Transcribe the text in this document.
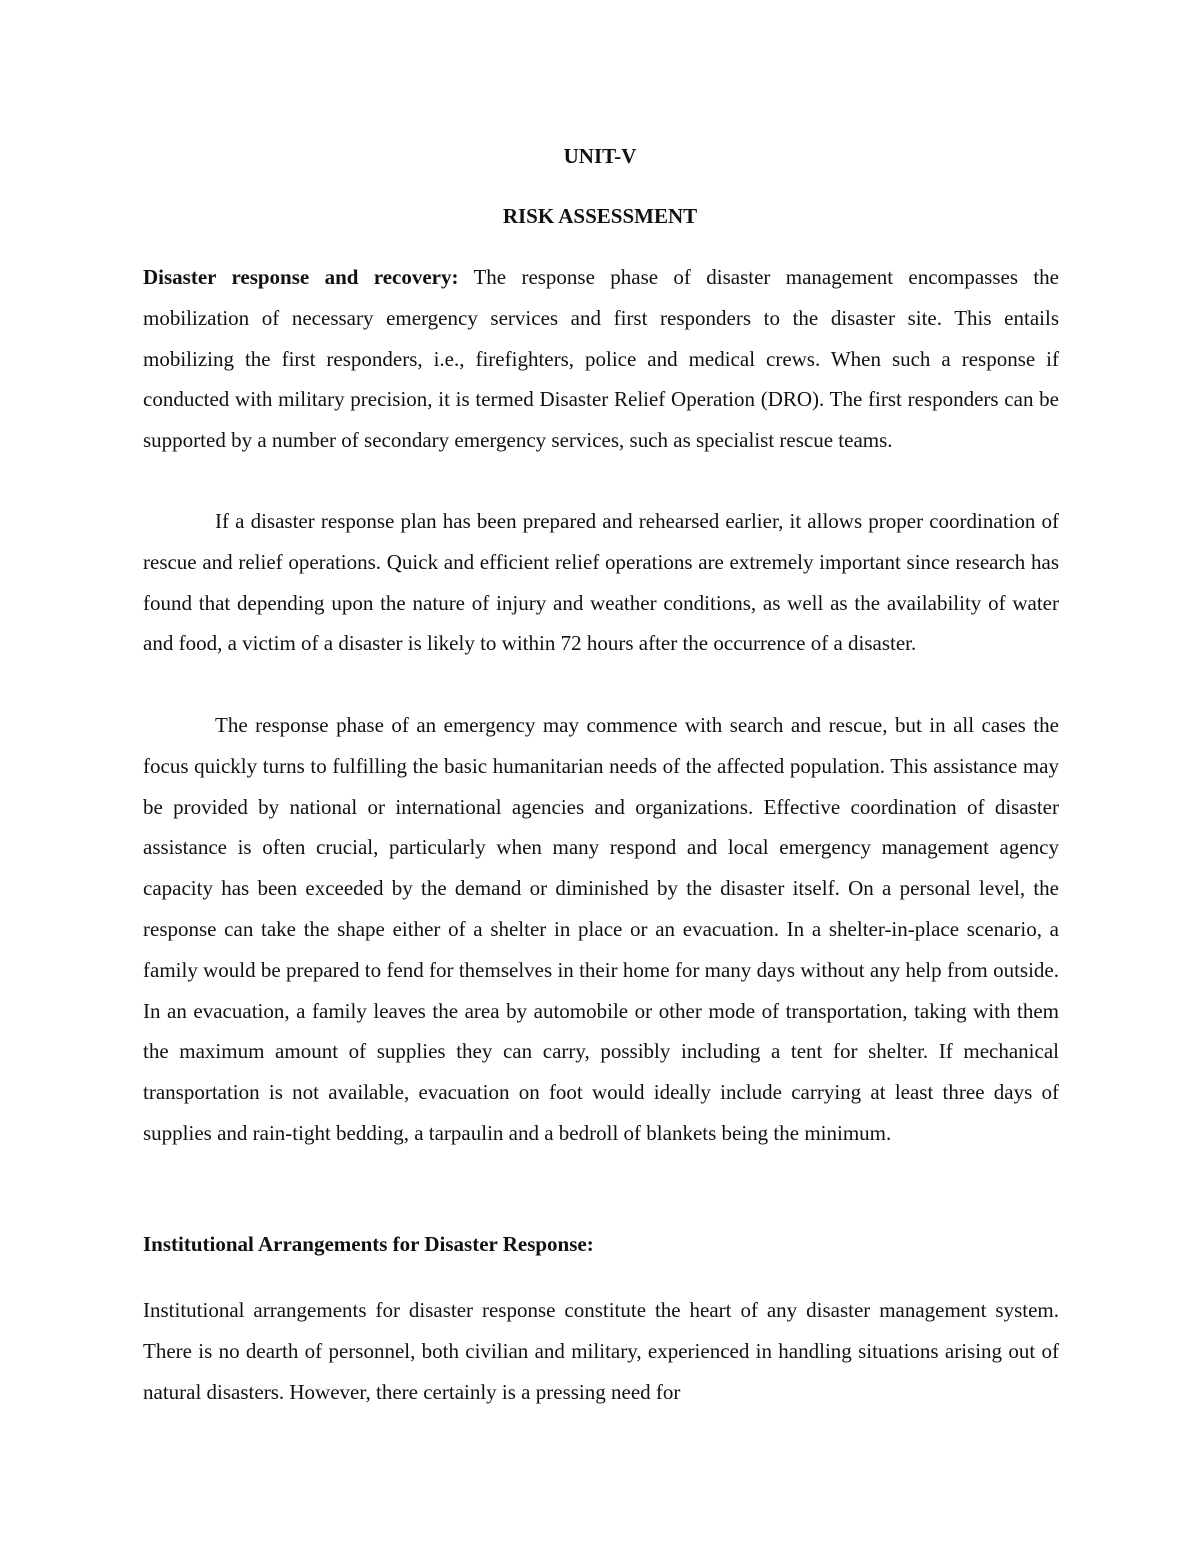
UNIT-V
RISK ASSESSMENT

Disaster response and recovery: The response phase of disaster management encompasses the mobilization of necessary emergency services and first responders to the disaster site. This entails mobilizing the first responders, i.e., firefighters, police and medical crews. When such a response if conducted with military precision, it is termed Disaster Relief Operation (DRO). The first responders can be supported by a number of secondary emergency services, such as specialist rescue teams.

If a disaster response plan has been prepared and rehearsed earlier, it allows proper coordination of rescue and relief operations. Quick and efficient relief operations are extremely important since research has found that depending upon the nature of injury and weather conditions, as well as the availability of water and food, a victim of a disaster is likely to within 72 hours after the occurrence of a disaster.

The response phase of an emergency may commence with search and rescue, but in all cases the focus quickly turns to fulfilling the basic humanitarian needs of the affected population. This assistance may be provided by national or international agencies and organizations. Effective coordination of disaster assistance is often crucial, particularly when many respond and local emergency management agency capacity has been exceeded by the demand or diminished by the disaster itself. On a personal level, the response can take the shape either of a shelter in place or an evacuation. In a shelter-in-place scenario, a family would be prepared to fend for themselves in their home for many days without any help from outside. In an evacuation, a family leaves the area by automobile or other mode of transportation, taking with them the maximum amount of supplies they can carry, possibly including a tent for shelter. If mechanical transportation is not available, evacuation on foot would ideally include carrying at least three days of supplies and rain-tight bedding, a tarpaulin and a bedroll of blankets being the minimum.

Institutional Arrangements for Disaster Response:

Institutional arrangements for disaster response constitute the heart of any disaster management system. There is no dearth of personnel, both civilian and military, experienced in handling situations arising out of natural disasters. However, there certainly is a pressing need for
